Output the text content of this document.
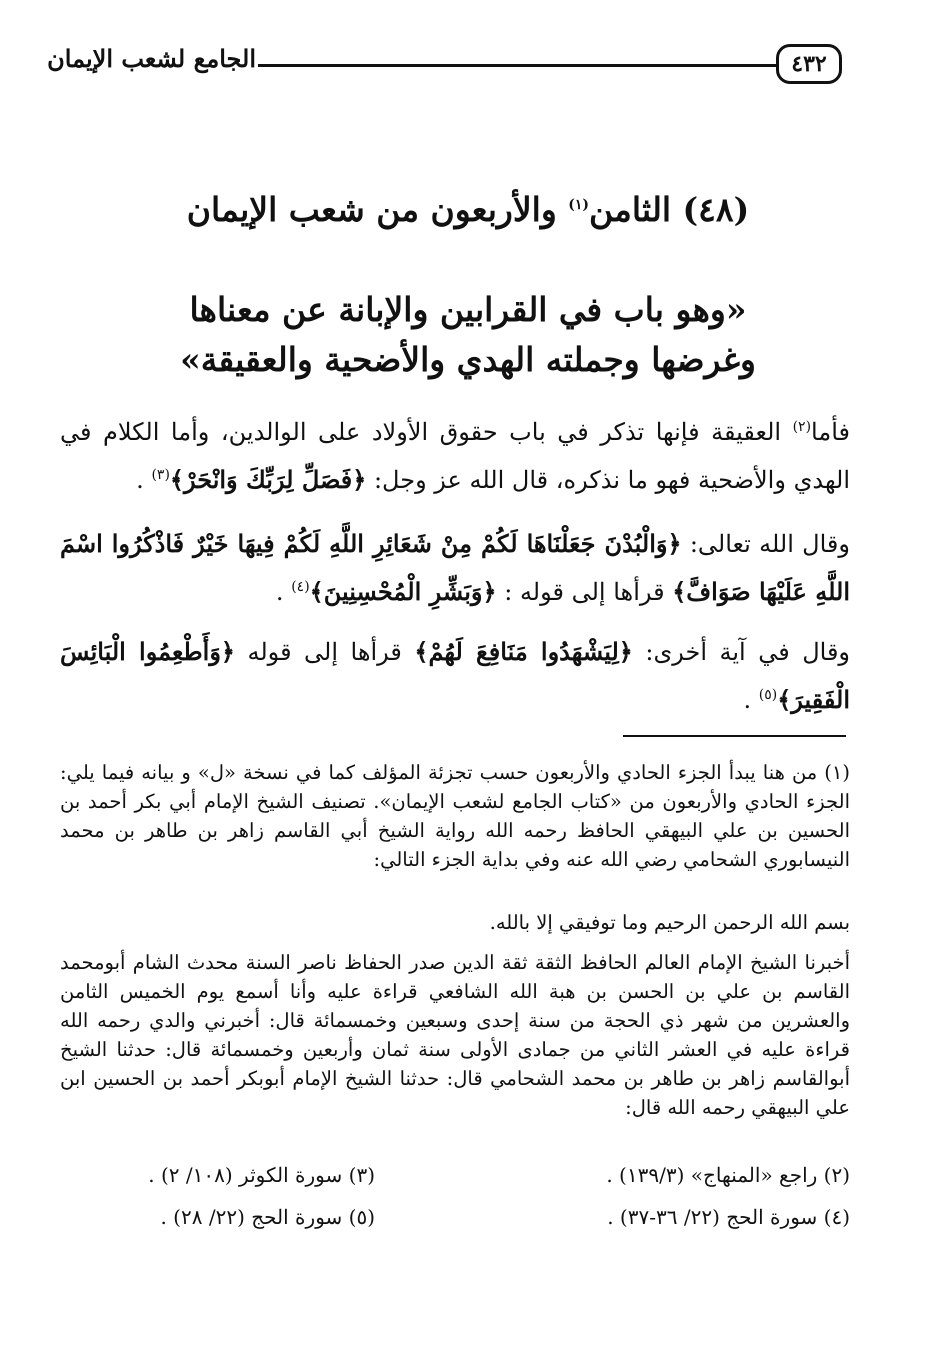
٤٣٢
الجامع لشعب الإيمان
(٤٨) الثامن$^{(١)}$ والأربعون من شعب الإيمان
«وهو باب في القرابين والإبانة عن معناها
وغرضها وجملته الهدي والأضحية والعقيقة»
فأما$^{(٢)}$ العقيقة فإنها تذكر في باب حقوق الأولاد على الوالدين، وأما الكلام في الهدي والأضحية فهو ما نذكره، قال الله عز وجل: ﴿فَصَلِّ لِرَبِّكَ وَانْحَرْ﴾$^{(٣)}$ .
وقال الله تعالى: ﴿وَالْبُدْنَ جَعَلْنَاهَا لَكُمْ مِنْ شَعَائِرِ اللَّهِ لَكُمْ فِيهَا خَيْرٌ فَاذْكُرُوا اسْمَ اللَّهِ عَلَيْهَا صَوَافَّ﴾ قرأها إلى قوله : ﴿وَبَشِّرِ الْمُحْسِنِينَ﴾$^{(٤)}$ .
وقال في آية أخرى: ﴿لِيَشْهَدُوا مَنَافِعَ لَهُمْ﴾ قرأها إلى قوله ﴿وَأَطْعِمُوا الْبَائِسَ الْفَقِيرَ﴾$^{(٥)}$ .
(١) من هنا يبدأ الجزء الحادي والأربعون حسب تجزئة المؤلف كما في نسخة «ل» و بيانه فيما يلي: الجزء الحادي والأربعون من «كتاب الجامع لشعب الإيمان». تصنيف الشيخ الإمام أبي بكر أحمد بن الحسين بن علي البيهقي الحافظ رحمه الله رواية الشيخ أبي القاسم زاهر بن طاهر بن محمد النيسابوري الشحامي رضي الله عنه وفي بداية الجزء التالي:
بسم الله الرحمن الرحيم وما توفيقي إلا بالله.
أخبرنا الشيخ الإمام العالم الحافظ الثقة ثقة الدين صدر الحفاظ ناصر السنة محدث الشام أبومحمد القاسم بن علي بن الحسن بن هبة الله الشافعي قراءة عليه وأنا أسمع يوم الخميس الثامن والعشرين من شهر ذي الحجة من سنة إحدى وسبعين وخمسمائة قال: أخبرني والدي رحمه الله قراءة عليه في العشر الثاني من جمادى الأولى سنة ثمان وأربعين وخمسمائة قال: حدثنا الشيخ أبوالقاسم زاهر بن طاهر بن محمد الشحامي قال: حدثنا الشيخ الإمام أبوبكر أحمد بن الحسين ابن علي البيهقي رحمه الله قال:
(٢) راجع «المنهاج» (١٣٩/٣) .
(٣) سورة الكوثر (١٠٨/ ٢) .
(٤) سورة الحج (٢٢/ ٣٦-٣٧) .
(٥) سورة الحج (٢٢/ ٢٨) .
